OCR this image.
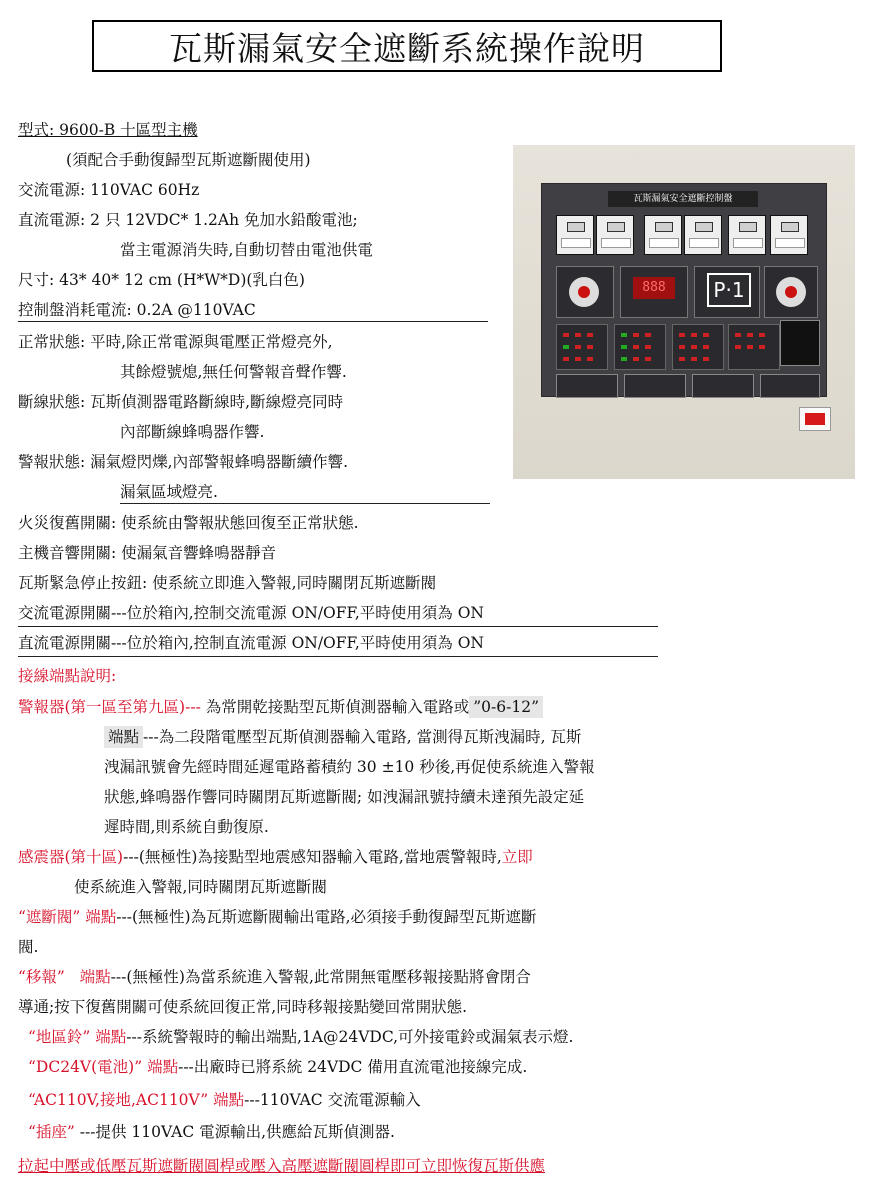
瓦斯漏氣安全遮斷系統操作說明
型式: 9600-B 十區型主機
(須配合手動復歸型瓦斯遮斷閥使用)
交流電源: 110VAC 60Hz
直流電源: 2 只 12VDC* 1.2Ah 免加水鉛酸電池;
當主電源消失時,自動切替由電池供電
尺寸: 43* 40* 12 cm (H*W*D)(乳白色)
控制盤消耗電流: 0.2A @110VAC
正常狀態: 平時,除正常電源與電壓正常燈亮外,
其餘燈號熄,無任何警報音聲作響.
斷線狀態: 瓦斯偵測器電路斷線時,斷線燈亮同時
內部斷線蜂鳴器作響.
警報狀態: 漏氣燈閃爍,內部警報蜂鳴器斷續作響.
漏氣區域燈亮.
火災復舊開關: 使系統由警報狀態回復至正常狀態.
主機音響開關: 使漏氣音響蜂鳴器靜音
瓦斯緊急停止按鈕: 使系統立即進入警報,同時關閉瓦斯遮斷閥
交流電源開關---位於箱內,控制交流電源 ON/OFF,平時使用須為 ON
直流電源開關---位於箱內,控制直流電源 ON/OFF,平時使用須為 ON
接線端點說明:
警報器(第一區至第九區)--- 為常開乾接點型瓦斯偵測器輸入電路或 ”0-6-12”
端點 ---為二段階電壓型瓦斯偵測器輸入電路, 當測得瓦斯洩漏時, 瓦斯
洩漏訊號會先經時間延遲電路蓄積約 30 ±10 秒後,再促使系統進入警報
狀態,蜂鳴器作響同時關閉瓦斯遮斷閥; 如洩漏訊號持續未達預先設定延
遲時間,則系統自動復原.
感震器(第十區)---(無極性)為接點型地震感知器輸入電路,當地震警報時,立即
使系統進入警報,同時關閉瓦斯遮斷閥
“遮斷閥” 端點---(無極性)為瓦斯遮斷閥輸出電路,必須接手動復歸型瓦斯遮斷
閥.
“移報”   端點---(無極性)為當系統進入警報,此常開無電壓移報接點將會閉合
導通;按下復舊開關可使系統回復正常,同時移報接點變回常開狀態.
“地區鈴” 端點---系統警報時的輸出端點,1A@24VDC,可外接電鈴或漏氣表示燈.
“DC24V(電池)” 端點---出廠時已將系統 24VDC 備用直流電池接線完成.
“AC110V,接地,AC110V” 端點---110VAC 交流電源輸入
“插座” ---提供 110VAC 電源輸出,供應給瓦斯偵測器.
拉起中壓或低壓瓦斯遮斷閥圓桿或壓入高壓遮斷閥圓桿即可立即恢復瓦斯供應
瓦斯漏氣安全遮斷控制盤
888	P·1
